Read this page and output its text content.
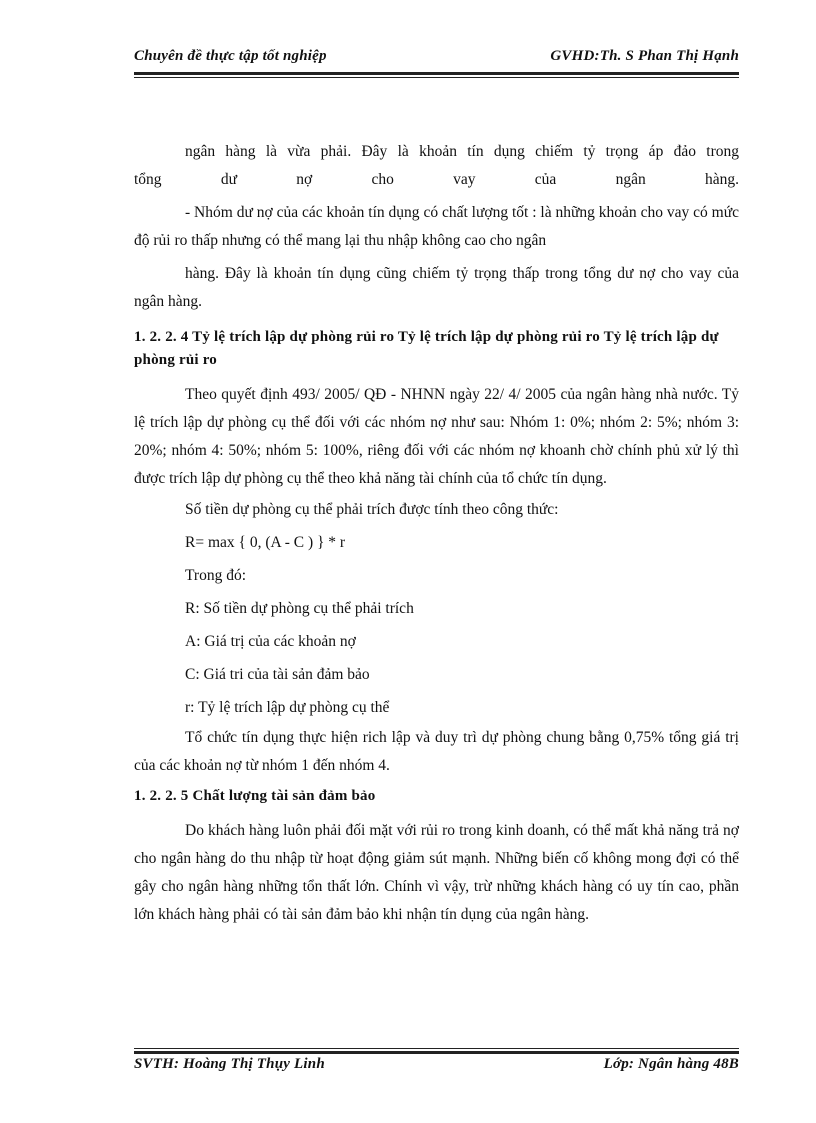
Chuyên đề thực tập tốt nghiệp	GVHD:Th. S Phan Thị Hạnh

ngân hàng là vừa phải. Đây là khoản tín dụng chiếm tỷ trọng áp đảo trong

tổng dư nợ cho vay của ngân hàng.

- Nhóm dư nợ của các khoản tín dụng có chất lượng tốt : là những khoản cho vay có mức độ rủi ro thấp nhưng có thể mang lại thu nhập không cao cho ngân

hàng. Đây là khoản tín dụng cũng chiếm tỷ trọng thấp trong tổng dư nợ cho vay của ngân hàng.

1. 2. 2. 4 Tỷ lệ trích lập dự phòng rủi ro Tỷ lệ trích lập dự phòng rủi ro Tỷ lệ trích lập dự phòng rủi ro

Theo quyết định 493/ 2005/ QĐ - NHNN ngày 22/ 4/ 2005 của ngân hàng nhà nước. Tỷ lệ trích lập dự phòng cụ thể đối với các nhóm nợ như sau: Nhóm 1: 0%; nhóm 2: 5%; nhóm 3: 20%; nhóm 4: 50%; nhóm 5: 100%, riêng đối với các nhóm nợ khoanh chờ chính phủ xử lý thì được trích lập dự phòng cụ thể theo khả năng tài chính của tổ chức tín dụng.

Số tiền dự phòng cụ thể phải trích được tính theo công thức:

R= max { 0, (A - C ) } * r

Trong đó:

R: Số tiền dự phòng cụ thể phải trích

A: Giá trị của các khoản nợ

C: Giá tri của tài sản đảm bảo

r: Tỷ lệ trích lập dự phòng cụ thể

Tổ chức tín dụng thực hiện rich lập và duy trì dự phòng chung bằng 0,75% tổng giá trị của các khoản nợ từ nhóm 1 đến nhóm 4.

1. 2. 2. 5 Chất lượng tài sản đảm bảo

Do khách hàng luôn phải đối mặt với rủi ro trong kinh doanh, có thể mất khả năng trả nợ cho ngân hàng do thu nhập từ hoạt động giảm sút mạnh. Những biến cố không mong đợi có thể gây cho ngân hàng những tổn thất lớn. Chính vì vậy, trừ những khách hàng có uy tín cao, phần lớn khách hàng phải có tài sản đảm bảo khi nhận tín dụng của ngân hàng.

SVTH: Hoàng Thị Thụy Linh	Lớp: Ngân hàng 48B
